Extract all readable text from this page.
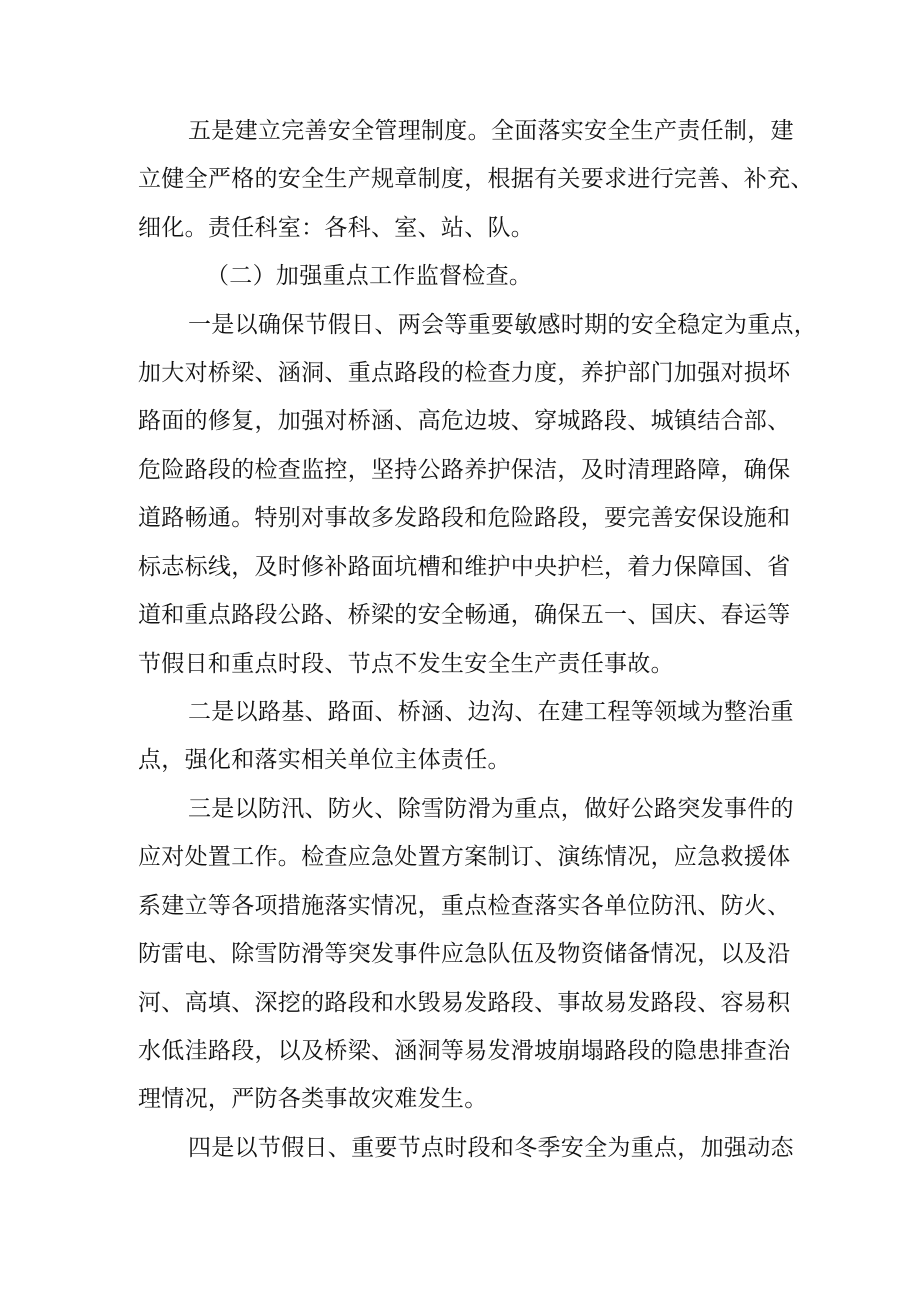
五是建立完善安全管理制度。全面落实安全生产责任制，建
立健全严格的安全生产规章制度，根据有关要求进行完善、补充、
细化。责任科室：各科、室、站、队。
（二）加强重点工作监督检查。
一是以确保节假日、两会等重要敏感时期的安全稳定为重点，
加大对桥梁、涵洞、重点路段的检查力度，养护部门加强对损坏
路面的修复，加强对桥涵、高危边坡、穿城路段、城镇结合部、
危险路段的检查监控，坚持公路养护保洁，及时清理路障，确保
道路畅通。特别对事故多发路段和危险路段，要完善安保设施和
标志标线，及时修补路面坑槽和维护中央护栏，着力保障国、省
道和重点路段公路、桥梁的安全畅通，确保五一、国庆、春运等
节假日和重点时段、节点不发生安全生产责任事故。
二是以路基、路面、桥涵、边沟、在建工程等领域为整治重
点，强化和落实相关单位主体责任。
三是以防汛、防火、除雪防滑为重点，做好公路突发事件的
应对处置工作。检查应急处置方案制订、演练情况，应急救援体
系建立等各项措施落实情况，重点检查落实各单位防汛、防火、
防雷电、除雪防滑等突发事件应急队伍及物资储备情况，以及沿
河、高填、深挖的路段和水毁易发路段、事故易发路段、容易积
水低洼路段，以及桥梁、涵洞等易发滑坡崩塌路段的隐患排查治
理情况，严防各类事故灾难发生。
四是以节假日、重要节点时段和冬季安全为重点，加强动态
